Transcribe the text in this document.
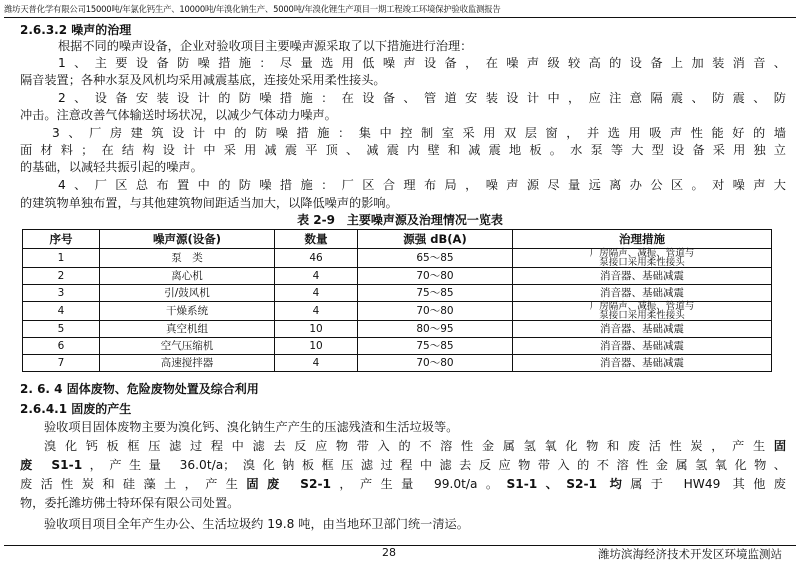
潍坊天普化学有限公司15000吨/年氯化钙生产、10000吨/年溴化钠生产、5000吨/年溴化锂生产项目一期工程竣工环境保护验收监测报告
2.6.3.2 噪声的治理
根据不同的噪声设备，企业对验收项目主要噪声源采取了以下措施进行治理：
1、主要设备防噪措施：尽量选用低噪声设备，在噪声级较高的设备上加装消音、
隔音装置；各种水泵及风机均采用减震基底，连接处采用柔性接头。
2、设备安装设计的防噪措施：在设备、管道安装设计中，应注意隔震、防震、防
冲击。注意改善气体输送时场状况，以减少气体动力噪声。
3、厂房建筑设计中的防噪措施：集中控制室采用双层窗，并选用吸声性能好的墙
面材料；在结构设计中采用减震平顶、减震内壁和减震地板。水泵等大型设备采用独立
的基础，以减轻共振引起的噪声。
4、厂区总布置中的防噪措施：厂区合理布局，噪声源尽量远离办公区。对噪声大
表 2-9　主要噪声源及治理情况一览表
序号	噪声源(设备)	数量	源强 dB(A)	治理措施
1	泵　类	46	65～85	厂房隔声、减振、管道与
泵接口采用柔性接头
2	离心机	4	70～80	消音器、基础减震
3	引/鼓风机	4	75～85	消音器、基础减震
4	干燥系统	4	70～80	厂房隔声、减振、管道与
泵接口采用柔性接头
5	真空机组	10	80～95	消音器、基础减震
6	空气压缩机	10	75～85	消音器、基础减震
7	高速搅拌器	4	70～80	消音器、基础减震
2. 6. 4 固体废物、危险废物处置及综合利用
2.6.4.1 固废的产生
验收项目固体废物主要为溴化钙、溴化钠生产产生的压滤残渣和生活垃圾等。
溴化钙板框压滤过程中滤去反应物带入的不溶性金属氢氧化物和废活性炭，产生固
废 S1-1，产生量 36.0t/a；溴化钠板框压滤过程中滤去反应物带入的不溶性金属氢氧化物、
废活性炭和硅藻土，产生固废 S2-1，产生量 99.0t/a。S1-1、S2-1 均属于 HW49 其他废
物，委托潍坊佛士特环保有限公司处置。
验收项目项目全年产生办公、生活垃圾约 19.8 吨，由当地环卫部门统一清运。
28	潍坊滨海经济技术开发区环境监测站
的建筑物单独布置，与其他建筑物间距适当加大，以降低噪声的影响。
